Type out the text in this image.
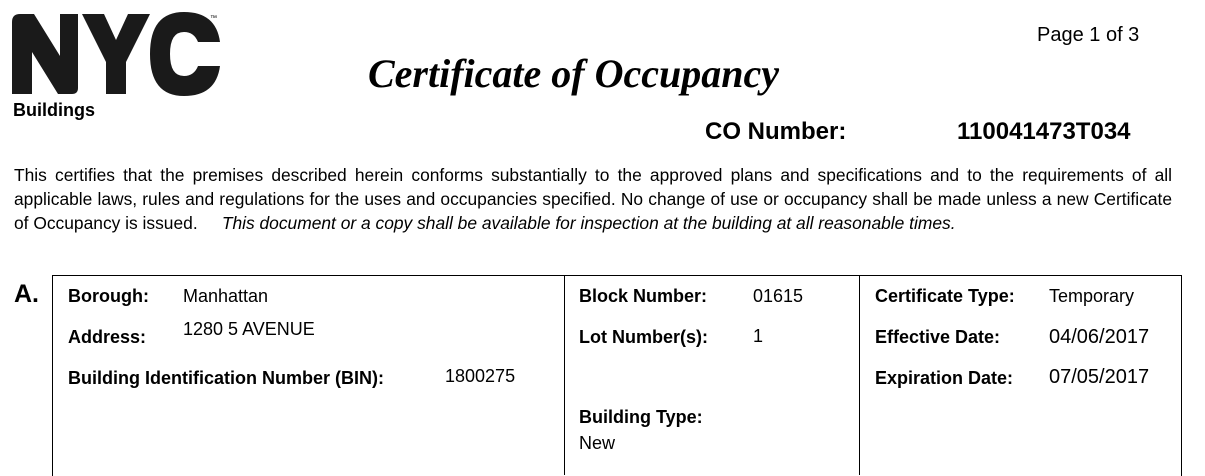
™
Buildings
Page 1 of 3
Certificate of Occupancy
CO Number:	110041473T034
This certifies that the premises described herein conforms substantially to the approved plans and specifications and to the requirements of all applicable laws, rules and regulations for the uses and occupancies specified. No change of use or occupancy shall be made unless a new Certificate of Occupancy is issued. This document or a copy shall be available for inspection at the building at all reasonable times.
A. Borough: Manhattan
Address: 1280 5 AVENUE
Building Identification Number (BIN):	1800275
Block Number:	01615
Lot Number(s):	1
Building Type:
New
Certificate Type: Temporary
Effective Date: 04/06/2017
Expiration Date: 07/05/2017
